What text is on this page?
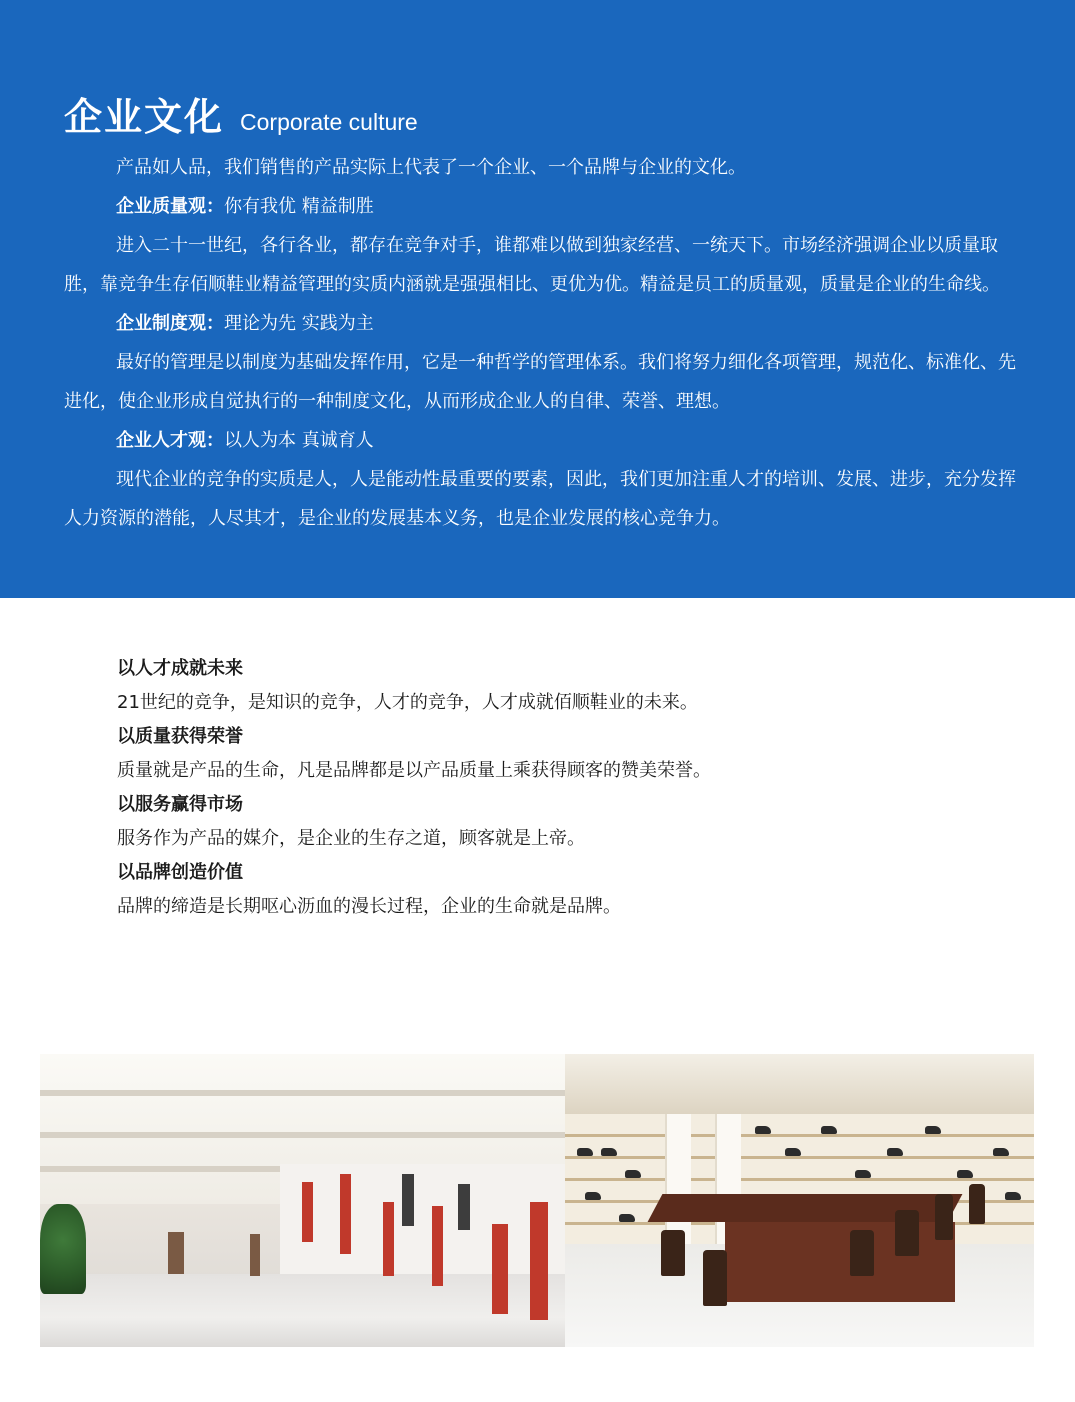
企业文化 Corporate culture

产品如人品，我们销售的产品实际上代表了一个企业、一个品牌与企业的文化。

企业质量观：你有我优 精益制胜

进入二十一世纪，各行各业，都存在竞争对手，谁都难以做到独家经营、一统天下。市场经济强调企业以质量取胜，靠竞争生存佰顺鞋业精益管理的实质内涵就是强强相比、更优为优。精益是员工的质量观，质量是企业的生命线。

企业制度观：理论为先 实践为主

最好的管理是以制度为基础发挥作用，它是一种哲学的管理体系。我们将努力细化各项管理，规范化、标准化、先进化，使企业形成自觉执行的一种制度文化，从而形成企业人的自律、荣誉、理想。

企业人才观：以人为本 真诚育人

现代企业的竞争的实质是人，人是能动性最重要的要素，因此，我们更加注重人才的培训、发展、进步，充分发挥人力资源的潜能，人尽其才，是企业的发展基本义务，也是企业发展的核心竞争力。

以人才成就未来

21世纪的竞争，是知识的竞争，人才的竞争，人才成就佰顺鞋业的未来。

以质量获得荣誉

质量就是产品的生命，凡是品牌都是以产品质量上乘获得顾客的赞美荣誉。

以服务赢得市场

服务作为产品的媒介，是企业的生存之道，顾客就是上帝。

以品牌创造价值

品牌的缔造是长期呕心沥血的漫长过程，企业的生命就是品牌。
